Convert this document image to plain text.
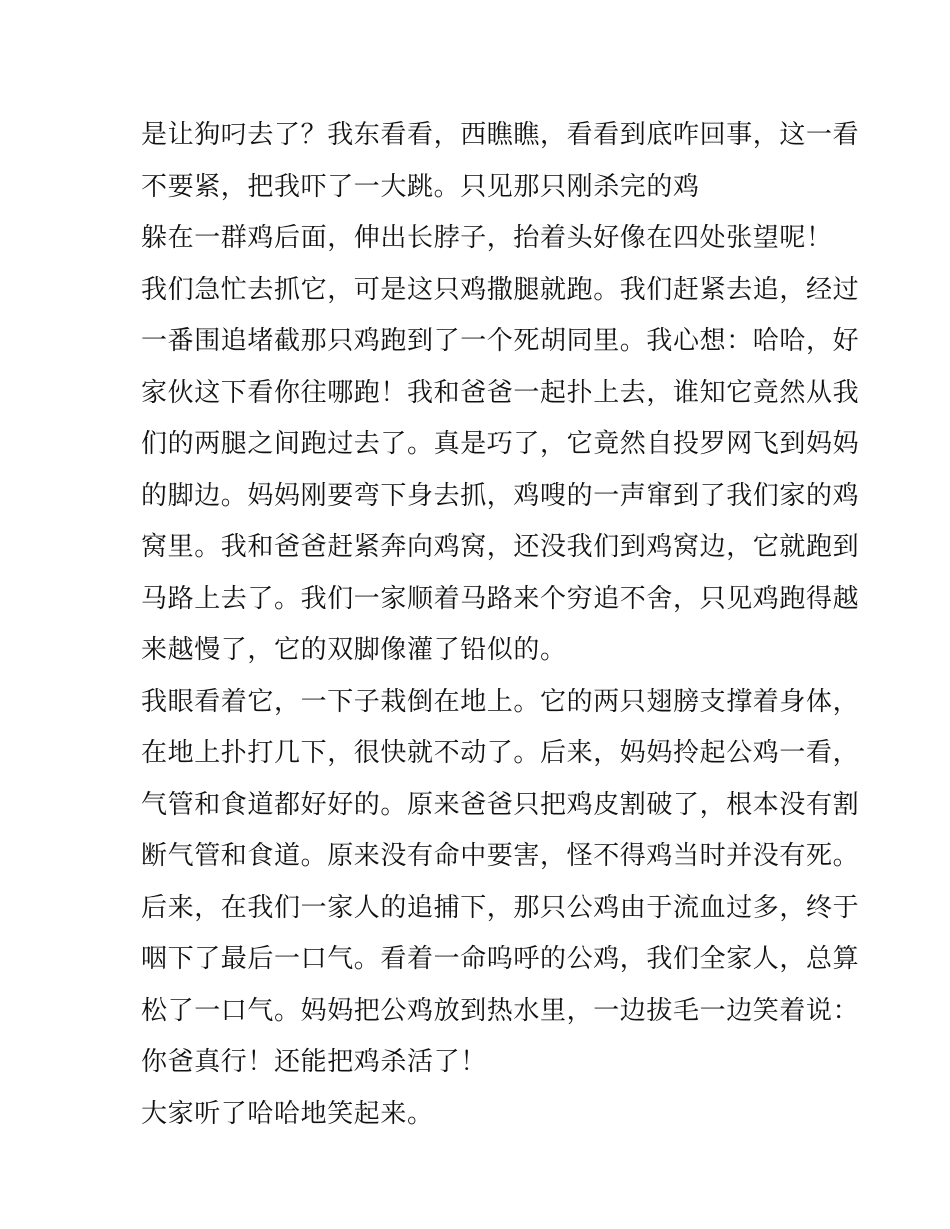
是让狗叼去了？我东看看，西瞧瞧，看看到底咋回事，这一看
不要紧，把我吓了一大跳。只见那只刚杀完的鸡
躲在一群鸡后面，伸出长脖子，抬着头好像在四处张望呢！
我们急忙去抓它，可是这只鸡撒腿就跑。我们赶紧去追，经过
一番围追堵截那只鸡跑到了一个死胡同里。我心想：哈哈，好
家伙这下看你往哪跑！我和爸爸一起扑上去，谁知它竟然从我
们的两腿之间跑过去了。真是巧了，它竟然自投罗网飞到妈妈
的脚边。妈妈刚要弯下身去抓，鸡嗖的一声窜到了我们家的鸡
窝里。我和爸爸赶紧奔向鸡窝，还没我们到鸡窝边，它就跑到
马路上去了。我们一家顺着马路来个穷追不舍，只见鸡跑得越
来越慢了，它的双脚像灌了铅似的。
我眼看着它，一下子栽倒在地上。它的两只翅膀支撑着身体，
在地上扑打几下，很快就不动了。后来，妈妈拎起公鸡一看，
气管和食道都好好的。原来爸爸只把鸡皮割破了，根本没有割
断气管和食道。原来没有命中要害，怪不得鸡当时并没有死。
后来，在我们一家人的追捕下，那只公鸡由于流血过多，终于
咽下了最后一口气。看着一命呜呼的公鸡，我们全家人，总算
松了一口气。妈妈把公鸡放到热水里，一边拔毛一边笑着说：
你爸真行！还能把鸡杀活了！
大家听了哈哈地笑起来。
